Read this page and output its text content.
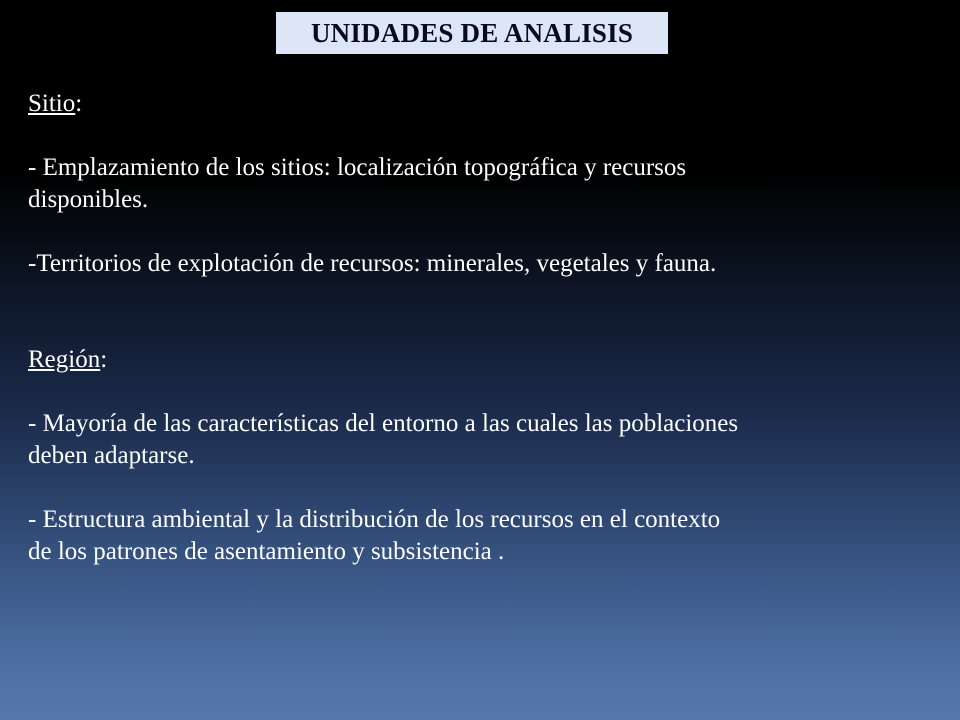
UNIDADES DE ANALISIS

Sitio:

- Emplazamiento de los sitios: localización topográfica y recursos

disponibles.

-Territorios de explotación de recursos: minerales, vegetales y fauna.

Región:

- Mayoría de las características del entorno a las cuales las poblaciones

deben adaptarse.

- Estructura ambiental y la distribución de los recursos en el contexto

de los patrones de asentamiento y subsistencia .
